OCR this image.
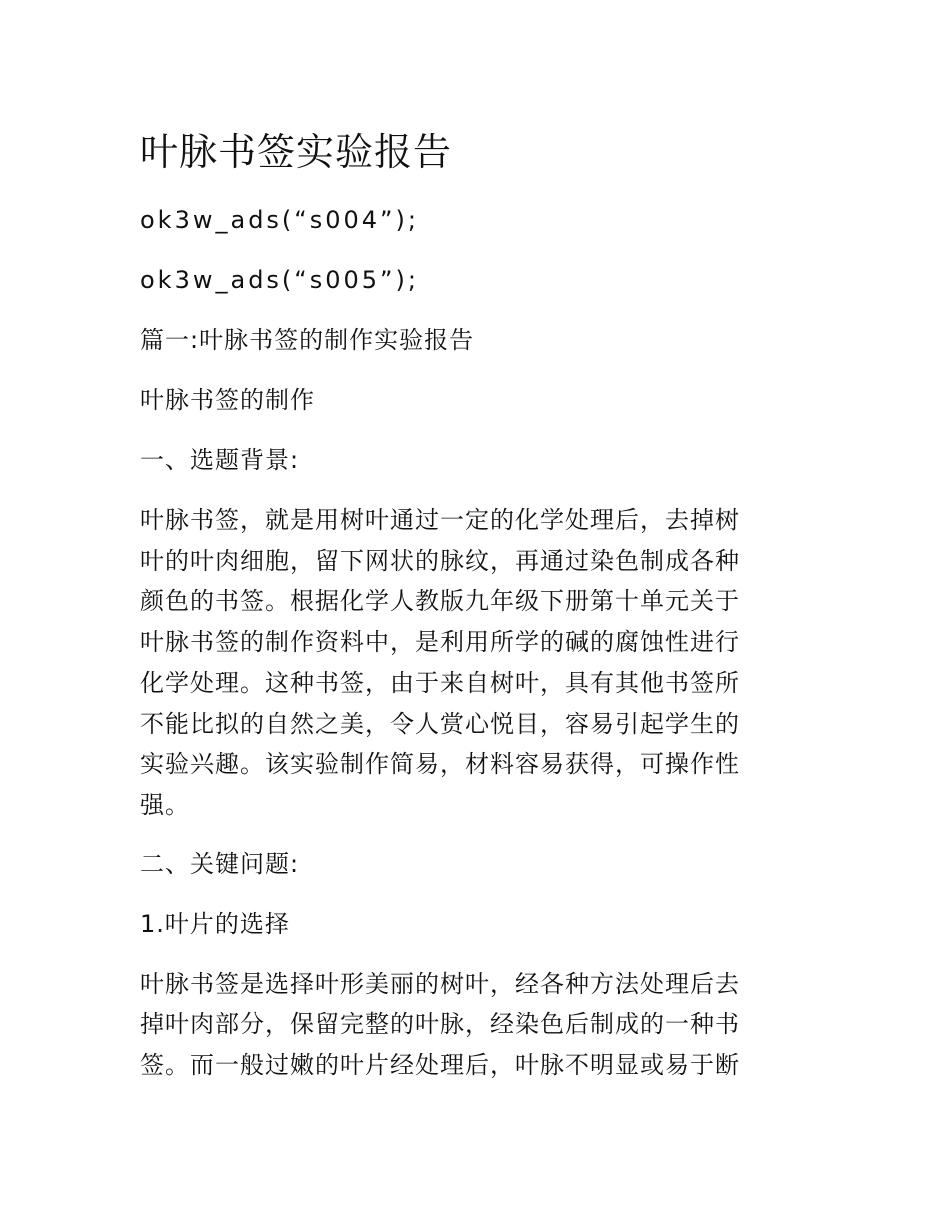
叶脉书签实验报告
ok3w_ads(“s004”);
ok3w_ads(“s005”);
篇一:叶脉书签的制作实验报告
叶脉书签的制作
一、选题背景:
叶脉书签，就是用树叶通过一定的化学处理后，去掉树
叶的叶肉细胞，留下网状的脉纹，再通过染色制成各种
颜色的书签。根据化学人教版九年级下册第十单元关于
叶脉书签的制作资料中，是利用所学的碱的腐蚀性进行
化学处理。这种书签，由于来自树叶，具有其他书签所
不能比拟的自然之美，令人赏心悦目，容易引起学生的
实验兴趣。该实验制作简易，材料容易获得，可操作性
强。
二、关键问题:
1.叶片的选择
叶脉书签是选择叶形美丽的树叶，经各种方法处理后去
掉叶肉部分，保留完整的叶脉，经染色后制成的一种书
签。而一般过嫩的叶片经处理后，叶脉不明显或易于断
